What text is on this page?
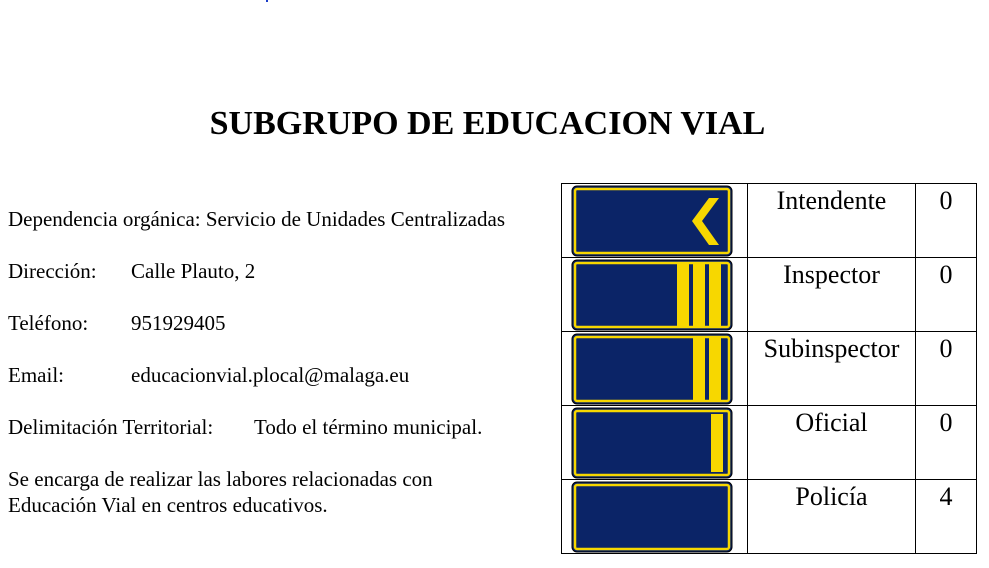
SUBGRUPO DE EDUCACION VIAL
Dependencia orgánica: Servicio de Unidades Centralizadas
Dirección: Calle Plauto, 2
Teléfono: 951929405
Email:	educacionvial.plocal@malaga.eu
Delimitación Territorial: Todo el término municipal.
Se encarga de realizar las labores relacionadas con
Educación Vial en centros educativos.
	Intendente	0

	Inspector	0

	Subinspector	0

	Oficial	0

	Policía	4
